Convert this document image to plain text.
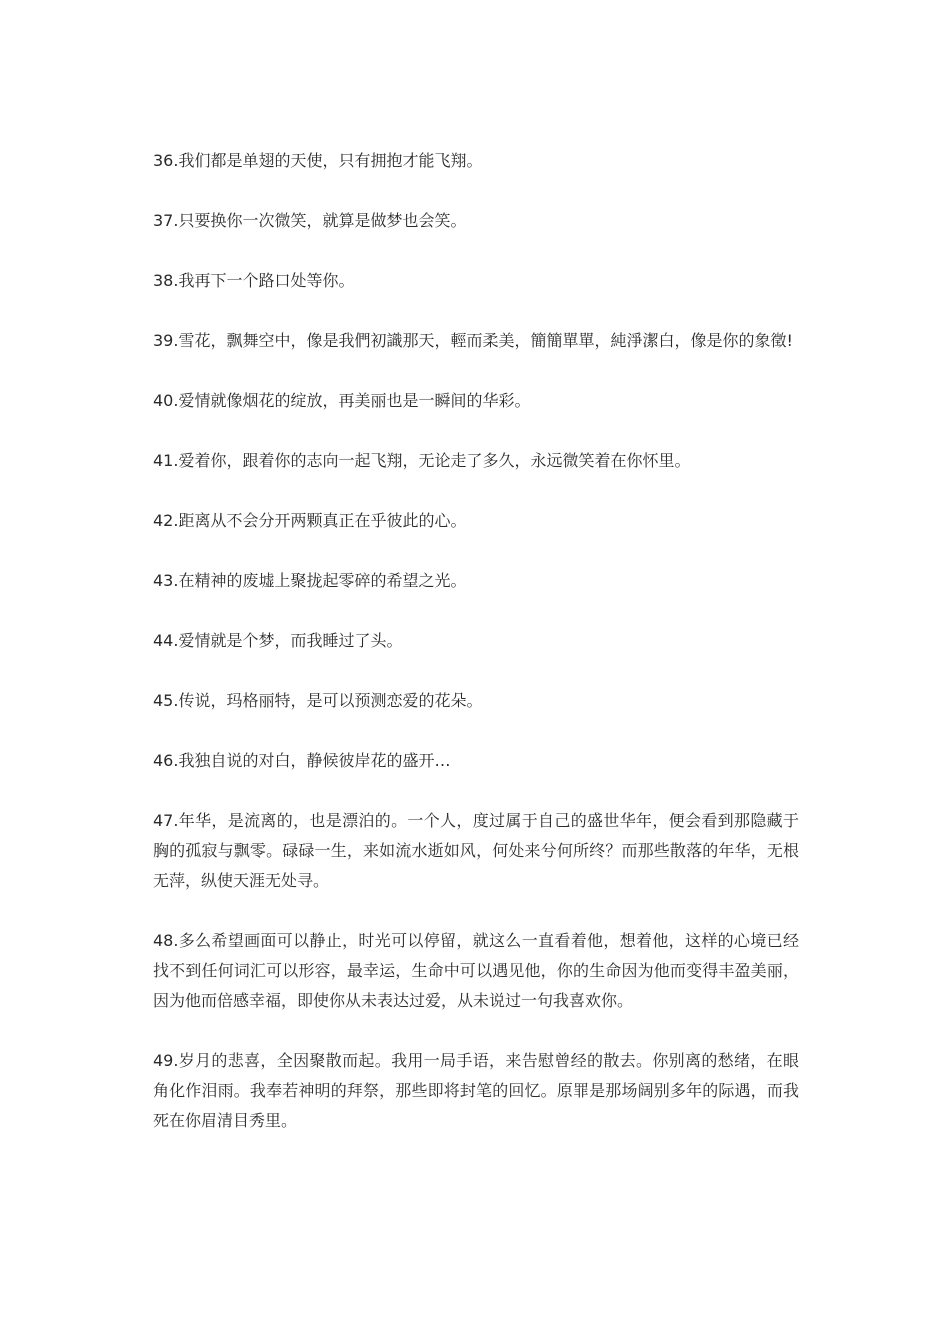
36.我们都是单翅的天使，只有拥抱才能飞翔。

37.只要换你一次微笑，就算是做梦也会笑。

38.我再下一个路口处等你。

39.雪花，飘舞空中，像是我們初識那天，輕而柔美，簡簡單單，純淨潔白，像是你的象徵!

40.爱情就像烟花的绽放，再美丽也是一瞬间的华彩。

41.爱着你，跟着你的志向一起飞翔，无论走了多久，永远微笑着在你怀里。

42.距离从不会分开两颗真正在乎彼此的心。

43.在精神的废墟上聚拢起零碎的希望之光。

44.爱情就是个梦，而我睡过了头。

45.传说，玛格丽特，是可以预测恋爱的花朵。

46.我独自说的对白，静候彼岸花的盛开…

47.年华，是流离的，也是漂泊的。一个人，度过属于自己的盛世华年，便会看到那隐藏于胸的孤寂与飘零。碌碌一生，来如流水逝如风，何处来兮何所终？而那些散落的年华，无根无萍，纵使天涯无处寻。

48.多么希望画面可以静止，时光可以停留，就这么一直看着他，想着他，这样的心境已经找不到任何词汇可以形容，最幸运，生命中可以遇见他，你的生命因为他而变得丰盈美丽，因为他而倍感幸福，即使你从未表达过爱，从未说过一句我喜欢你。

49.岁月的悲喜，全因聚散而起。我用一局手语，来告慰曾经的散去。你别离的愁绪，在眼角化作泪雨。我奉若神明的拜祭，那些即将封笔的回忆。原罪是那场阔别多年的际遇，而我死在你眉清目秀里。
